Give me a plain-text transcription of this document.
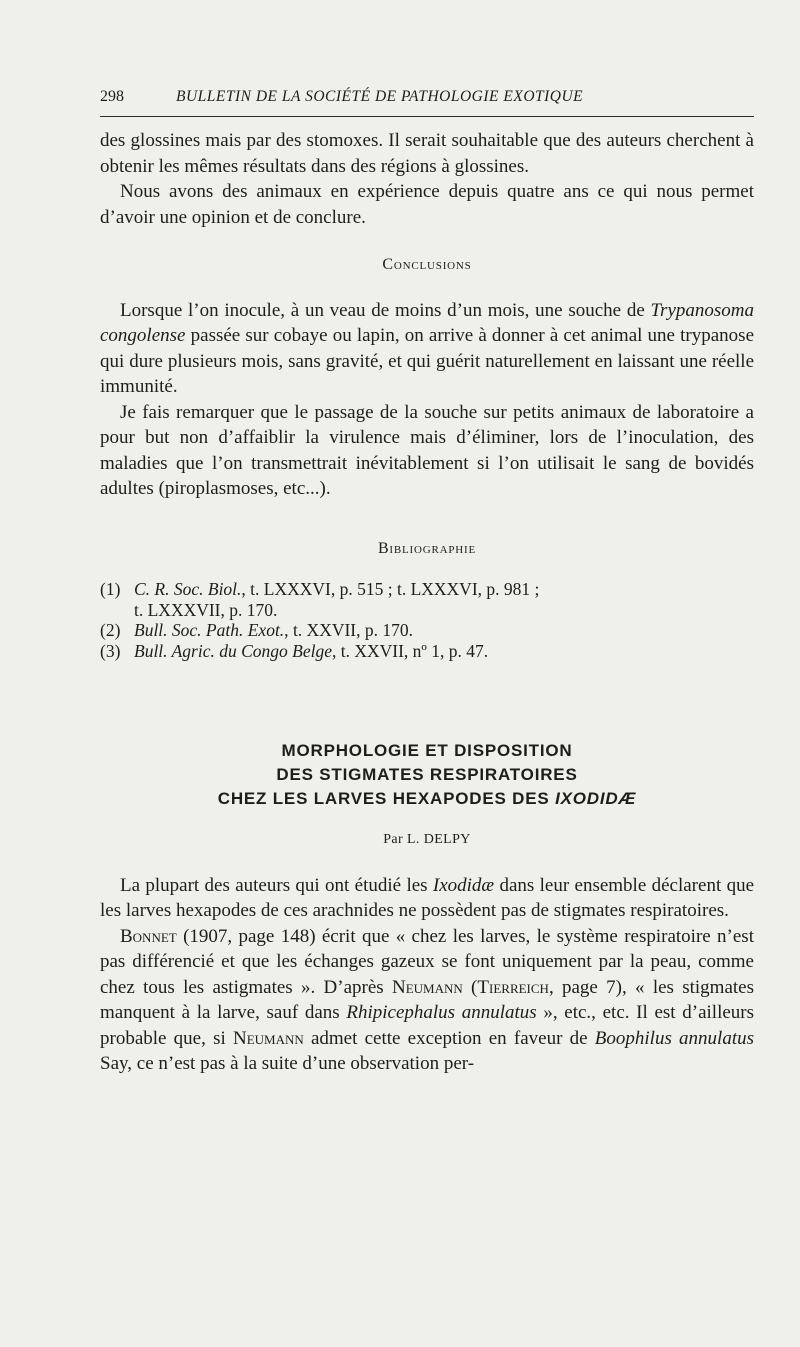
298	BULLETIN DE LA SOCIÉTÉ DE PATHOLOGIE EXOTIQUE

des glossines mais par des stomoxes. Il serait souhaitable que des auteurs cherchent à obtenir les mêmes résultats dans des régions à glossines.

Nous avons des animaux en expérience depuis quatre ans ce qui nous permet d’avoir une opinion et de conclure.

Conclusions

Lorsque l’on inocule, à un veau de moins d’un mois, une souche de Trypanosoma congolense passée sur cobaye ou lapin, on arrive à donner à cet animal une trypanose qui dure plusieurs mois, sans gravité, et qui guérit naturellement en laissant une réelle immunité.

Je fais remarquer que le passage de la souche sur petits animaux de laboratoire a pour but non d’affaiblir la virulence mais d’éliminer, lors de l’inoculation, des maladies que l’on transmettrait inévitablement si l’on utilisait le sang de bovidés adultes (piroplasmoses, etc...).

Bibliographie
(1) C. R. Soc. Biol., t. LXXXVI, p. 515 ; t. LXXXVI, p. 981 ;
t. LXXXVII, p. 170.
(2) Bull. Soc. Path. Exot., t. XXVII, p. 170.
(3) Bull. Agric. du Congo Belge, t. XXVII, nº 1, p. 47.
MORPHOLOGIE ET DISPOSITION
DES STIGMATES RESPIRATOIRES
CHEZ LES LARVES HEXAPODES DES IXODIDÆ
Par L. DELPY

La plupart des auteurs qui ont étudié les Ixodidæ dans leur ensemble déclarent que les larves hexapodes de ces arachnides ne possèdent pas de stigmates respiratoires.

Bonnet (1907, page 148) écrit que « chez les larves, le système respiratoire n’est pas différencié et que les échanges gazeux se font uniquement par la peau, comme chez tous les astigmates ». D’après Neumann (Tierreich, page 7), « les stigmates manquent à la larve, sauf dans Rhipicephalus annulatus », etc., etc. Il est d’ailleurs probable que, si Neumann admet cette exception en faveur de Boophilus annulatus Say, ce n’est pas à la suite d’une observation per-
